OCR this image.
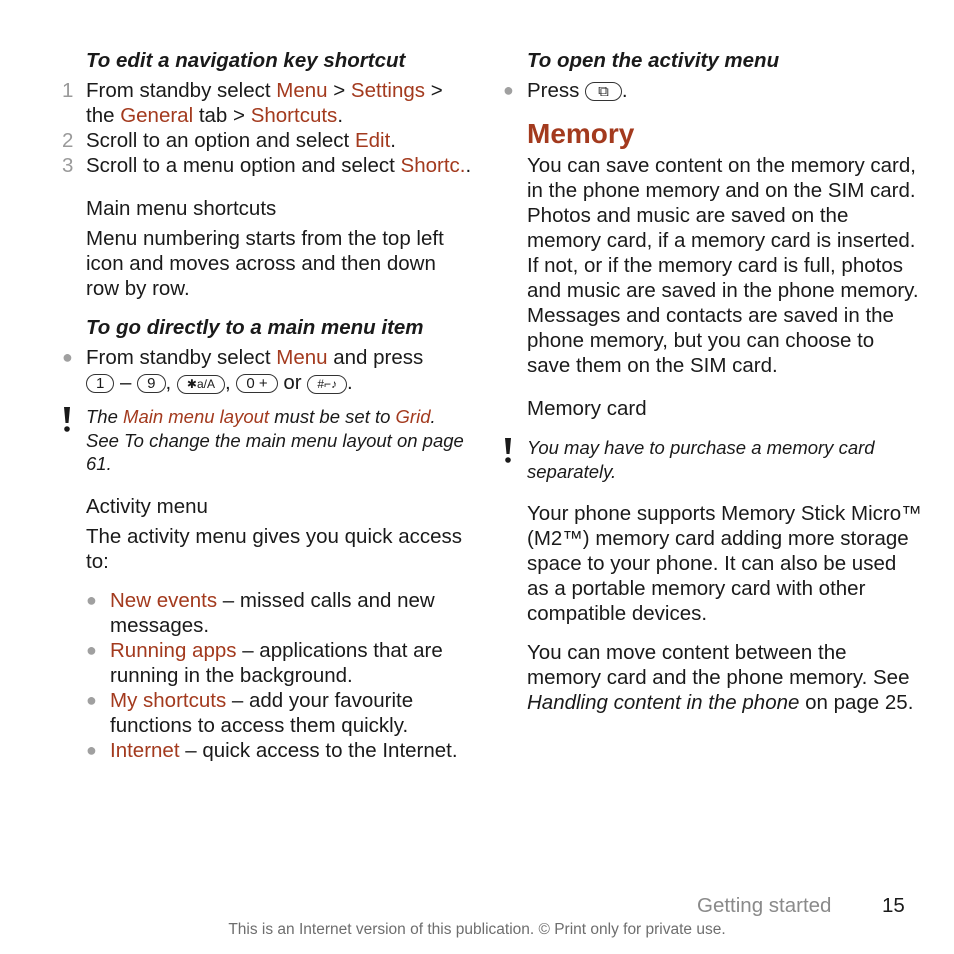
To edit a navigation key shortcut
1 From standby select Menu > Settings > the General tab > Shortcuts.
2 Scroll to an option and select Edit.
3 Scroll to a menu option and select Shortc..
Main menu shortcuts
Menu numbering starts from the top left icon and moves across and then down row by row.
To go directly to a main menu item
● From standby select Menu and press
1 – 9 , ✱a/A , 0 + or #⌐♪ .
The Main menu layout must be set to Grid. See To change the main menu layout on page 61.
Activity menu
The activity menu gives you quick access to:
● New events – missed calls and new messages.
● Running apps – applications that are running in the background.
● My shortcuts – add your favourite functions to access them quickly.
● Internet – quick access to the Internet.
To open the activity menu
● Press ⧉ .
Memory
You can save content on the memory card, in the phone memory and on the SIM card. Photos and music are saved on the memory card, if a memory card is inserted. If not, or if the memory card is full, photos and music are saved in the phone memory. Messages and contacts are saved in the phone memory, but you can choose to save them on the SIM card.
Memory card
You may have to purchase a memory card separately.
Your phone supports Memory Stick Micro™ (M2™) memory card adding more storage space to your phone. It can also be used as a portable memory card with other compatible devices.
You can move content between the memory card and the phone memory. See Handling content in the phone on page 25.
Getting started 15
This is an Internet version of this publication. © Print only for private use.
